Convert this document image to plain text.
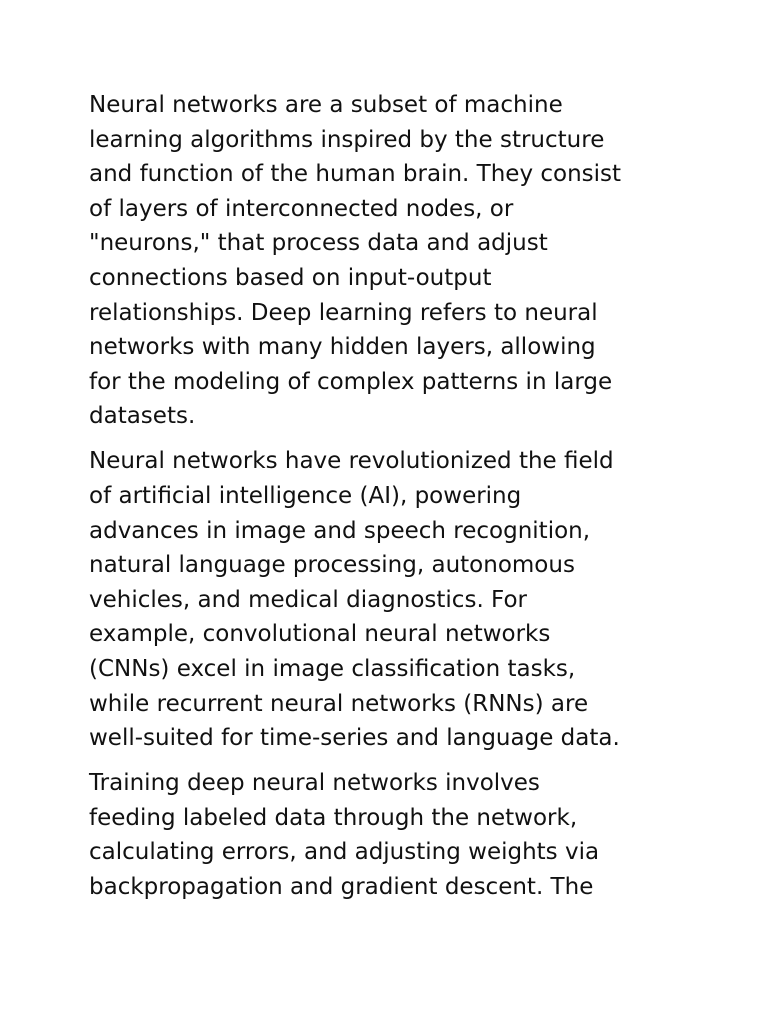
Neural networks are a subset of machine
learning algorithms inspired by the structure
and function of the human brain. They consist
of layers of interconnected nodes, or
"neurons," that process data and adjust
connections based on input-output
relationships. Deep learning refers to neural
networks with many hidden layers, allowing
for the modeling of complex patterns in large
datasets.

Neural networks have revolutionized the field
of artificial intelligence (AI), powering
advances in image and speech recognition,
natural language processing, autonomous
vehicles, and medical diagnostics. For
example, convolutional neural networks
(CNNs) excel in image classification tasks,
while recurrent neural networks (RNNs) are
well-suited for time-series and language data.

Training deep neural networks involves
feeding labeled data through the network,
calculating errors, and adjusting weights via
backpropagation and gradient descent. The
